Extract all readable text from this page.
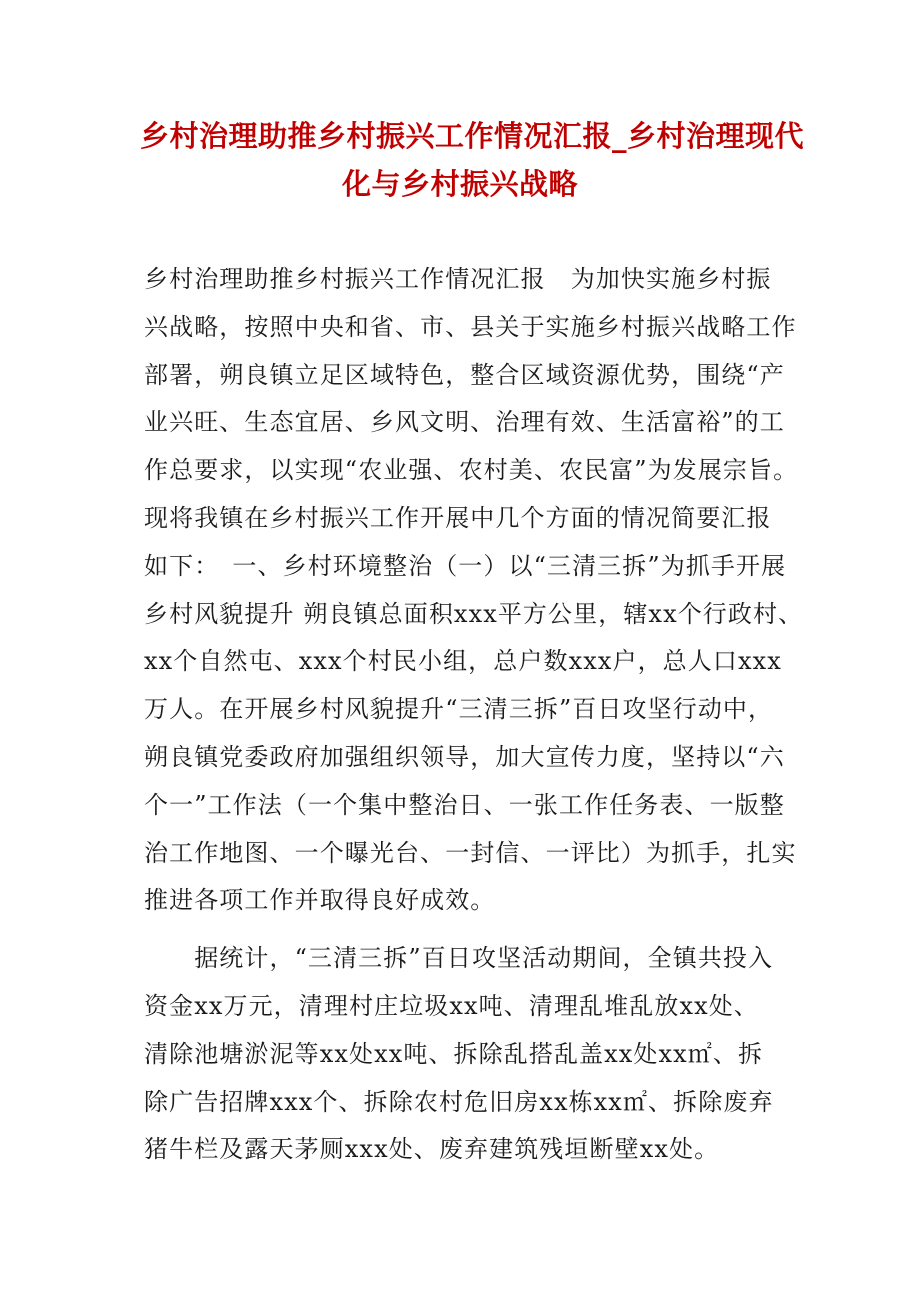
乡村治理助推乡村振兴工作情况汇报_乡村治理现代
化与乡村振兴战略
乡村治理助推乡村振兴工作情况汇报　为加快实施乡村振
兴战略，按照中央和省、市、县关于实施乡村振兴战略工作
部署，朔良镇立足区域特色，整合区域资源优势，围绕“产
业兴旺、生态宜居、乡风文明、治理有效、生活富裕”的工
作总要求，以实现“农业强、农村美、农民富”为发展宗旨。
现将我镇在乡村振兴工作开展中几个方面的情况简要汇报
如下：　一、乡村环境整治（一）以“三清三拆”为抓手开展
乡村风貌提升 朔良镇总面积xxx平方公里，辖xx个行政村、
xx个自然屯、xxx个村民小组，总户数xxx户，总人口xxx
万人。在开展乡村风貌提升“三清三拆”百日攻坚行动中，
朔良镇党委政府加强组织领导，加大宣传力度，坚持以“六
个一”工作法（一个集中整治日、一张工作任务表、一版整
治工作地图、一个曝光台、一封信、一评比）为抓手，扎实
推进各项工作并取得良好成效。
　　据统计，“三清三拆”百日攻坚活动期间，全镇共投入
资金xx万元，清理村庄垃圾xx吨、清理乱堆乱放xx处、
清除池塘淤泥等xx处xx吨、拆除乱搭乱盖xx处xx㎡、拆
除广告招牌xxx个、拆除农村危旧房xx栋xx㎡、拆除废弃
猪牛栏及露天茅厕xxx处、废弃建筑残垣断壁xx处。
